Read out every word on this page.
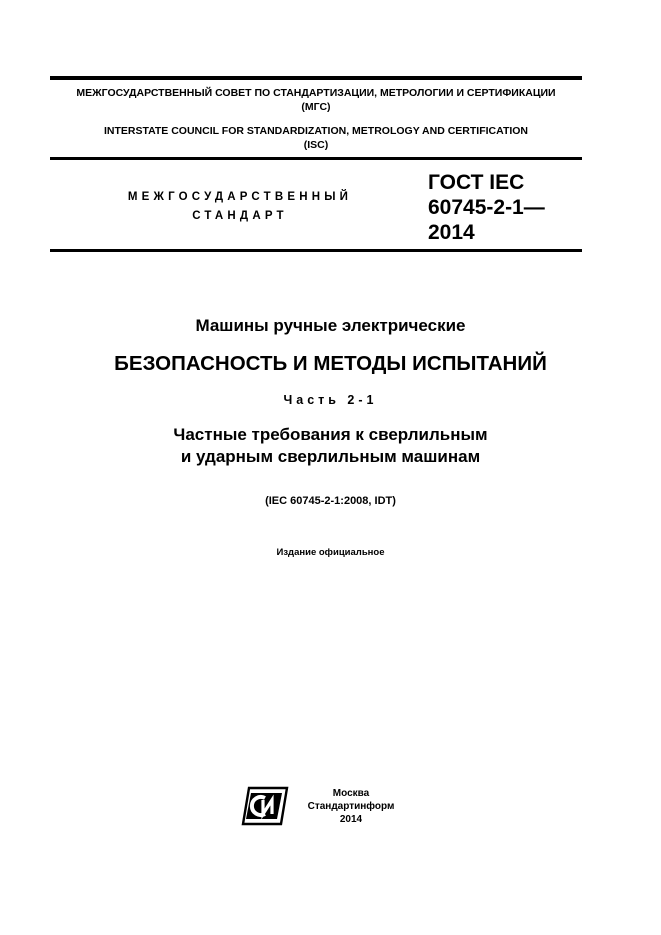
МЕЖГОСУДАРСТВЕННЫЙ СОВЕТ ПО СТАНДАРТИЗАЦИИ, МЕТРОЛОГИИ И СЕРТИФИКАЦИИ
(МГС)
INTERSTATE COUNCIL FOR STANDARDIZATION, METROLOGY AND CERTIFICATION
(ISC)
МЕЖГОСУДАРСТВЕННЫЙ
СТАНДАРТ
ГОСТ IEC
60745-2-1—
2014
Машины ручные электрические
БЕЗОПАСНОСТЬ И МЕТОДЫ ИСПЫТАНИЙ
Часть 2-1
Частные требования к сверлильным
и ударным сверлильным машинам
(IEC 60745-2-1:2008, IDT)
Издание официальное
Москва
Стандартинформ
2014
